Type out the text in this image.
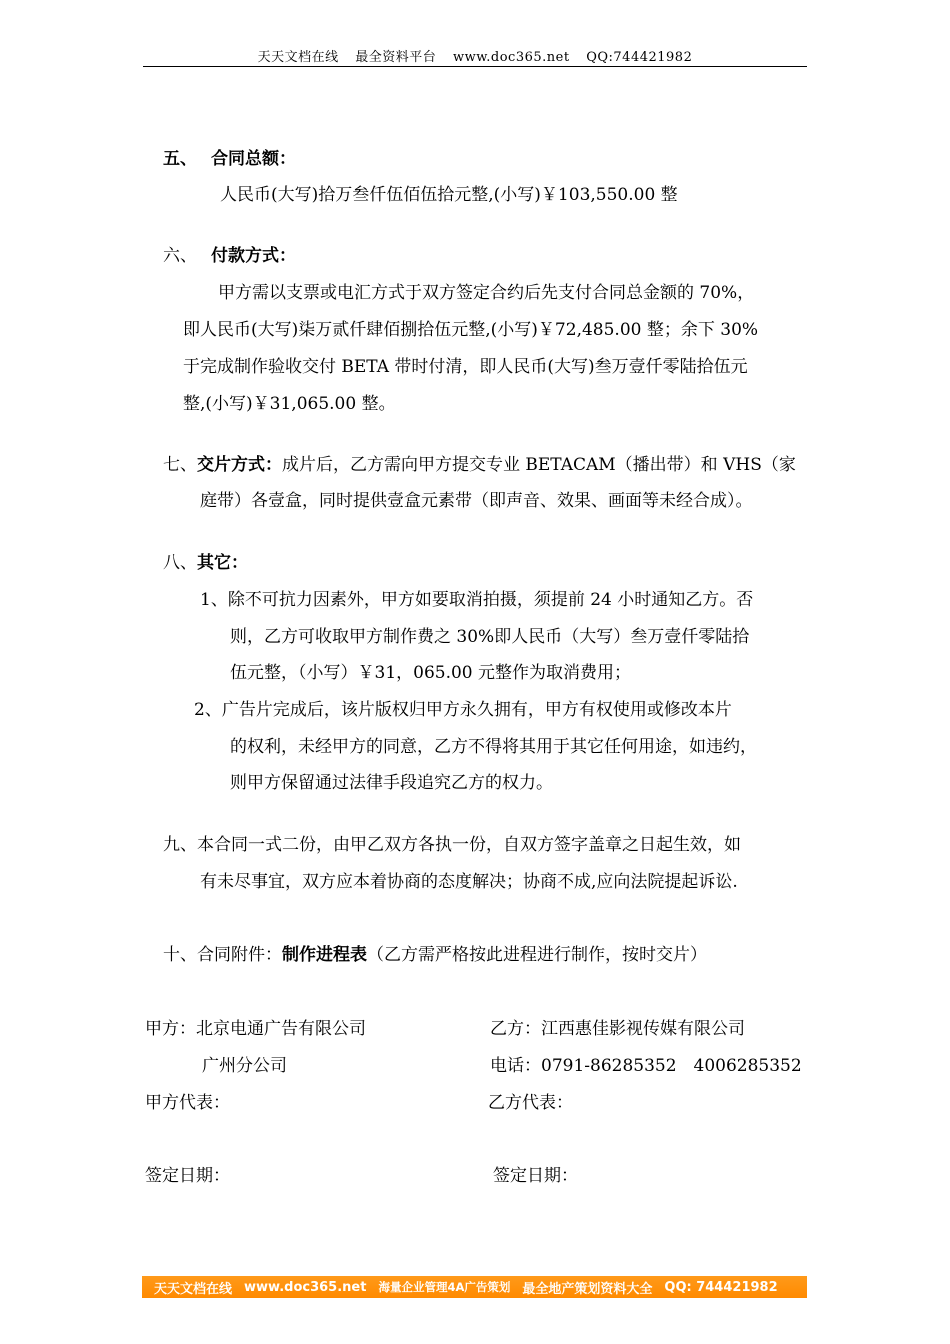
天天文档在线 最全资料平台 www.doc365.net QQ:744421982
五、 合同总额：
人民币(大写)拾万叁仟伍佰伍拾元整,(小写)￥103,550.00 整
六、 付款方式：
甲方需以支票或电汇方式于双方签定合约后先支付合同总金额的 70%，
即人民币(大写)柒万贰仟肆佰捌拾伍元整,(小写)￥72,485.00 整；余下 30%
于完成制作验收交付 BETA 带时付清，即人民币(大写)叁万壹仟零陆拾伍元
整,(小写)￥31,065.00 整。
七、交片方式：成片后，乙方需向甲方提交专业 BETACAM（播出带）和 VHS（家
庭带）各壹盒，同时提供壹盒元素带（即声音、效果、画面等未经合成）。
八、其它：
1、除不可抗力因素外，甲方如要取消拍摄，须提前 24 小时通知乙方。否
则，乙方可收取甲方制作费之 30%即人民币（大写）叁万壹仟零陆拾
伍元整，（小写）￥31，065.00 元整作为取消费用；
2、广告片完成后，该片版权归甲方永久拥有，甲方有权使用或修改本片
的权利，未经甲方的同意，乙方不得将其用于其它任何用途，如违约，
则甲方保留通过法律手段追究乙方的权力。
九、本合同一式二份，由甲乙双方各执一份，自双方签字盖章之日起生效，如
有未尽事宜，双方应本着协商的态度解决；协商不成,应向法院提起诉讼.
十、合同附件：制作进程表（乙方需严格按此进程进行制作，按时交片）
甲方：北京电通广告有限公司
广州分公司
甲方代表：
签定日期：
乙方：江西惠佳影视传媒有限公司
电话：0791-86285352　4006285352
乙方代表：
签定日期：
天天文档在线 www.doc365.net 海量企业管理4A广告策划 最全地产策划资料大全 QQ: 744421982
